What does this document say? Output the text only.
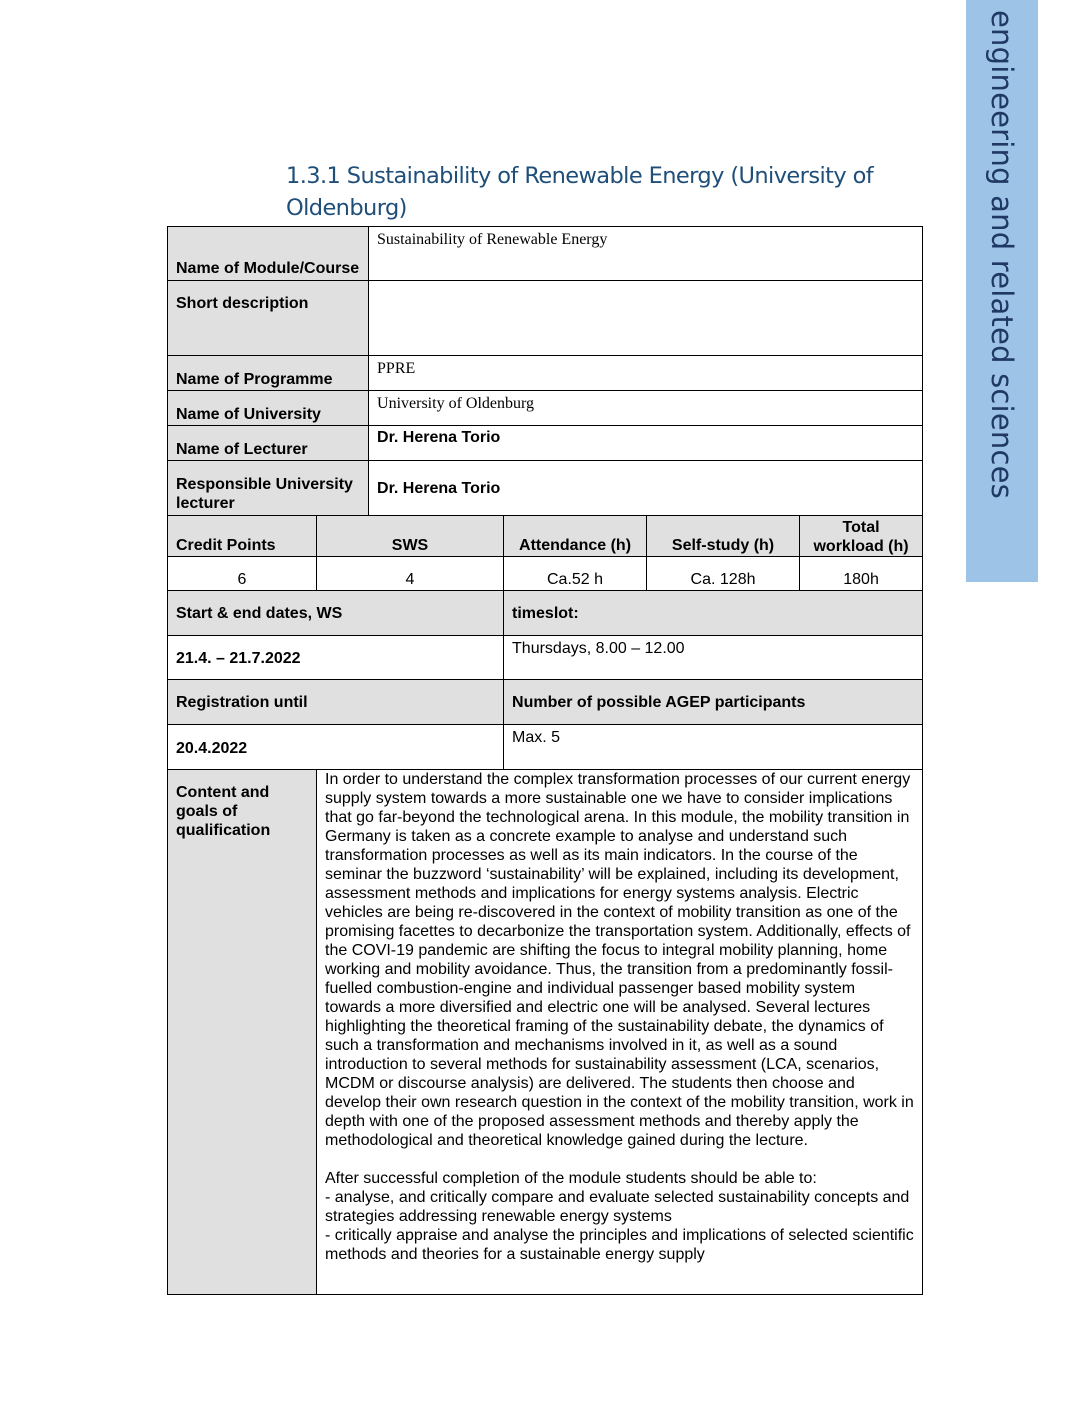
engineering and related sciences
1.3.1 Sustainability of Renewable Energy (University of Oldenburg)
Name of Module/Course		Sustainability of Renewable Energy			
Short description					
Name of Programme		PPRE			
Name of University		University of Oldenburg			
Name of Lecturer		Dr. Herena Torio			
Responsible University lecturer		Dr. Herena Torio			
Credit Points	SWS		Attendance (h)	Self-study (h)	Total workload (h)
6	4		Ca.52 h	Ca. 128h	180h
Start & end dates, WS			timeslot:		
21.4. – 21.7.2022			Thursdays, 8.00 – 12.00		
Registration until			Number of possible AGEP participants		
20.4.2022			Max. 5		
Content and goals of qualification	In order to understand the complex transformation processes of our current energy supply system towards a more sustainable one we have to consider implications that go far-beyond the technological arena. In this module, the mobility transition in Germany is taken as a concrete example to analyse and understand such transformation processes as well as its main indicators. In the course of the seminar the buzzword ‘sustainability’ will be explained, including its development, assessment methods and implications for energy systems analysis. Electric vehicles are being re-discovered in the context of mobility transition as one of the promising facettes to decarbonize the transportation system. Additionally, effects of the COVI-19 pandemic are shifting the focus to integral mobility planning, home working and mobility avoidance. Thus, the transition from a predominantly fossil-fuelled combustion-engine and individual passenger based mobility system towards a more diversified and electric one will be analysed. Several lectures highlighting the theoretical framing of the sustainability debate, the dynamics of such a transformation and mechanisms involved in it, as well as a sound introduction to several methods for sustainability assessment (LCA, scenarios, MCDM or discourse analysis) are delivered. The students then choose and develop their own research question in the context of the mobility transition, work in depth with one of the proposed assessment methods and thereby apply the methodological and theoretical knowledge gained during the lecture.

After successful completion of the module students should be able to:

- analyse, and critically compare and evaluate selected sustainability concepts and strategies addressing renewable energy systems

- critically appraise and analyse the principles and implications of selected scientific methods and theories for a sustainable energy supply				
